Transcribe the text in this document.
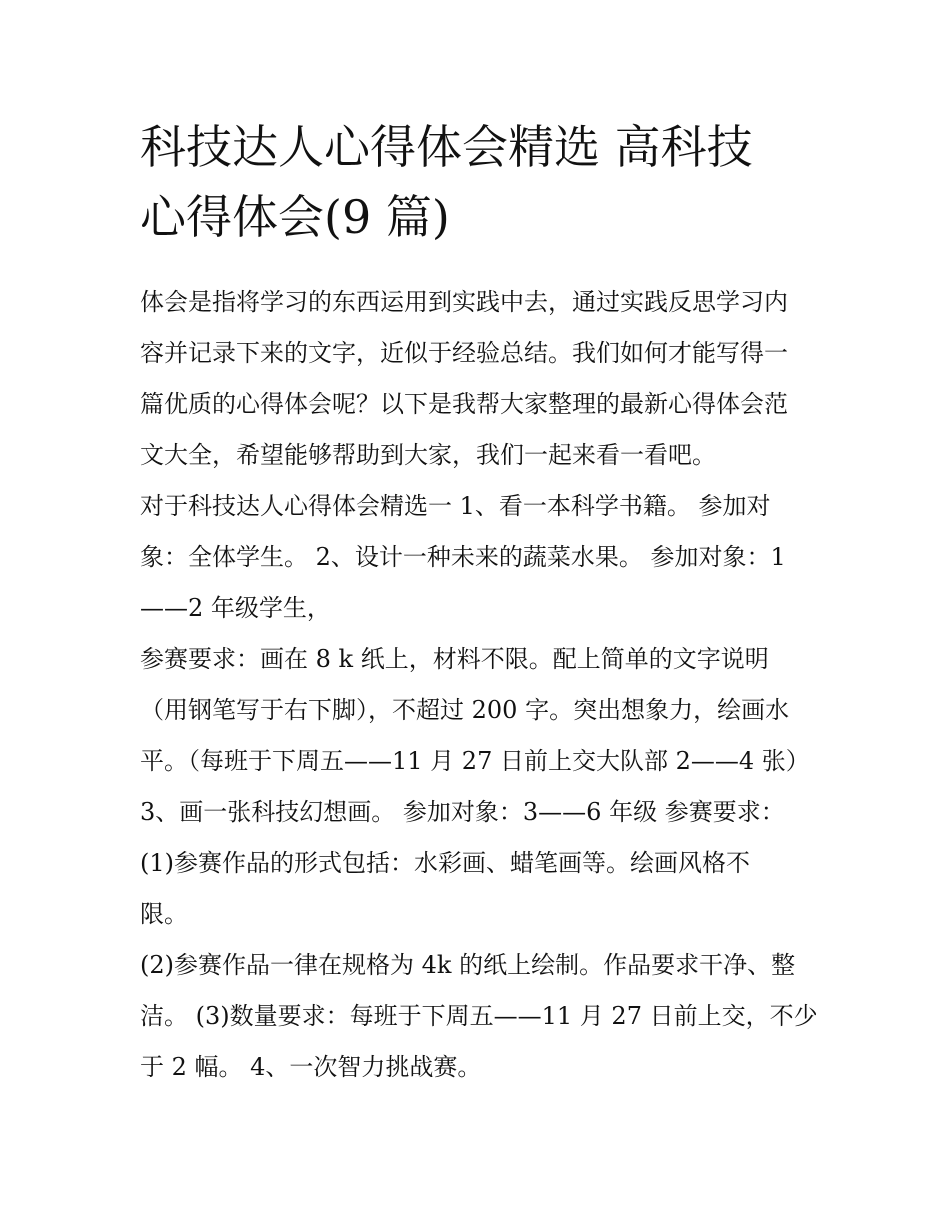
科技达人心得体会精选 高科技
心得体会(9 篇)

体会是指将学习的东西运用到实践中去，通过实践反思学习内
容并记录下来的文字，近似于经验总结。我们如何才能写得一
篇优质的心得体会呢？以下是我帮大家整理的最新心得体会范
文大全，希望能够帮助到大家，我们一起来看一看吧。

对于科技达人心得体会精选一 1、看一本科学书籍。 参加对
象：全体学生。 2、设计一种未来的蔬菜水果。 参加对象：1
——2 年级学生，

参赛要求：画在 8 k 纸上，材料不限。配上简单的文字说明
（用钢笔写于右下脚），不超过 200 字。突出想象力，绘画水
平。（每班于下周五——11 月 27 日前上交大队部 2——4 张）
3、画一张科技幻想画。 参加对象：3——6 年级 参赛要求：
(1)参赛作品的形式包括：水彩画、蜡笔画等。绘画风格不
限。

(2)参赛作品一律在规格为 4k 的纸上绘制。作品要求干净、整
洁。 (3)数量要求：每班于下周五——11 月 27 日前上交，不少
于 2 幅。 4、一次智力挑战赛。
